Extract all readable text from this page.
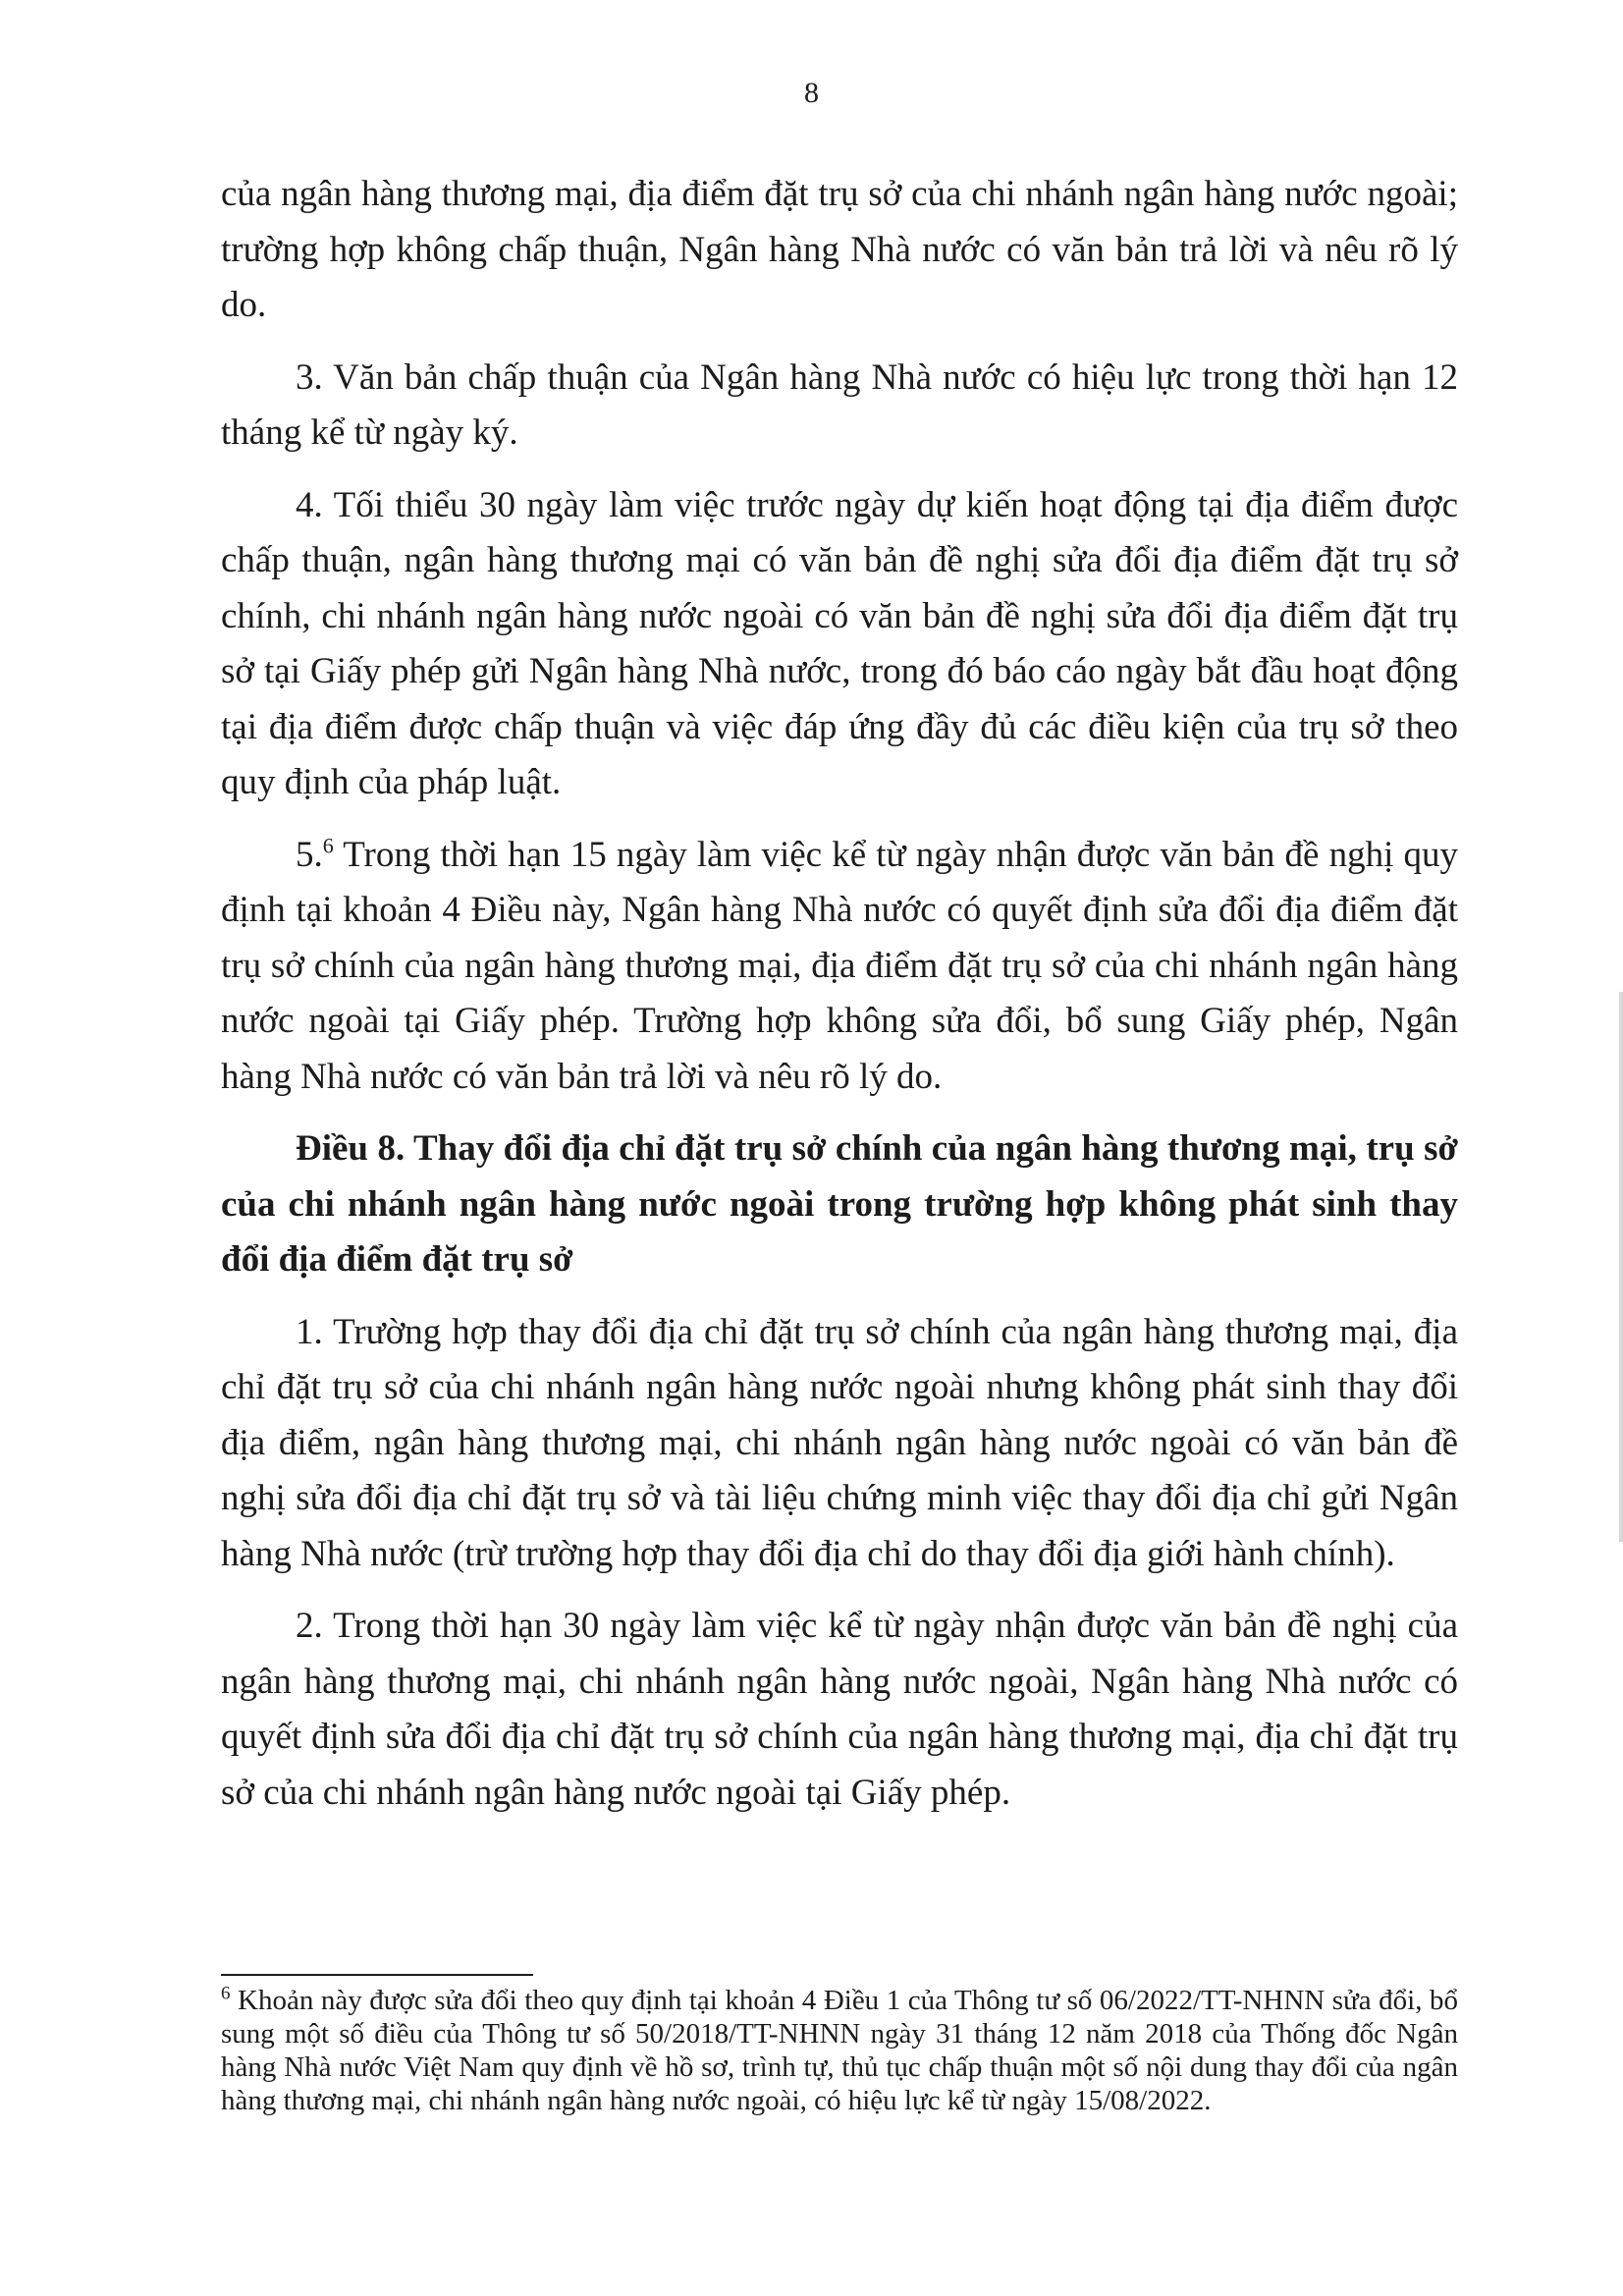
8

của ngân hàng thương mại, địa điểm đặt trụ sở của chi nhánh ngân hàng nước ngoài; trường hợp không chấp thuận, Ngân hàng Nhà nước có văn bản trả lời và nêu rõ lý do.

3. Văn bản chấp thuận của Ngân hàng Nhà nước có hiệu lực trong thời hạn 12 tháng kể từ ngày ký.

4. Tối thiểu 30 ngày làm việc trước ngày dự kiến hoạt động tại địa điểm được chấp thuận, ngân hàng thương mại có văn bản đề nghị sửa đổi địa điểm đặt trụ sở chính, chi nhánh ngân hàng nước ngoài có văn bản đề nghị sửa đổi địa điểm đặt trụ sở tại Giấy phép gửi Ngân hàng Nhà nước, trong đó báo cáo ngày bắt đầu hoạt động tại địa điểm được chấp thuận và việc đáp ứng đầy đủ các điều kiện của trụ sở theo quy định của pháp luật.

5.$^6$ Trong thời hạn 15 ngày làm việc kể từ ngày nhận được văn bản đề nghị quy định tại khoản 4 Điều này, Ngân hàng Nhà nước có quyết định sửa đổi địa điểm đặt trụ sở chính của ngân hàng thương mại, địa điểm đặt trụ sở của chi nhánh ngân hàng nước ngoài tại Giấy phép. Trường hợp không sửa đổi, bổ sung Giấy phép, Ngân hàng Nhà nước có văn bản trả lời và nêu rõ lý do.

Điều 8. Thay đổi địa chỉ đặt trụ sở chính của ngân hàng thương mại, trụ sở của chi nhánh ngân hàng nước ngoài trong trường hợp không phát sinh thay đổi địa điểm đặt trụ sở

1. Trường hợp thay đổi địa chỉ đặt trụ sở chính của ngân hàng thương mại, địa chỉ đặt trụ sở của chi nhánh ngân hàng nước ngoài nhưng không phát sinh thay đổi địa điểm, ngân hàng thương mại, chi nhánh ngân hàng nước ngoài có văn bản đề nghị sửa đổi địa chỉ đặt trụ sở và tài liệu chứng minh việc thay đổi địa chỉ gửi Ngân hàng Nhà nước (trừ trường hợp thay đổi địa chỉ do thay đổi địa giới hành chính).

2. Trong thời hạn 30 ngày làm việc kể từ ngày nhận được văn bản đề nghị của ngân hàng thương mại, chi nhánh ngân hàng nước ngoài, Ngân hàng Nhà nước có quyết định sửa đổi địa chỉ đặt trụ sở chính của ngân hàng thương mại, địa chỉ đặt trụ sở của chi nhánh ngân hàng nước ngoài tại Giấy phép.

$^6$ Khoản này được sửa đổi theo quy định tại khoản 4 Điều 1 của Thông tư số 06/2022/TT-NHNN sửa đổi, bổ sung một số điều của Thông tư số 50/2018/TT-NHNN ngày 31 tháng 12 năm 2018 của Thống đốc Ngân hàng Nhà nước Việt Nam quy định về hồ sơ, trình tự, thủ tục chấp thuận một số nội dung thay đổi của ngân hàng thương mại, chi nhánh ngân hàng nước ngoài, có hiệu lực kể từ ngày 15/08/2022.
